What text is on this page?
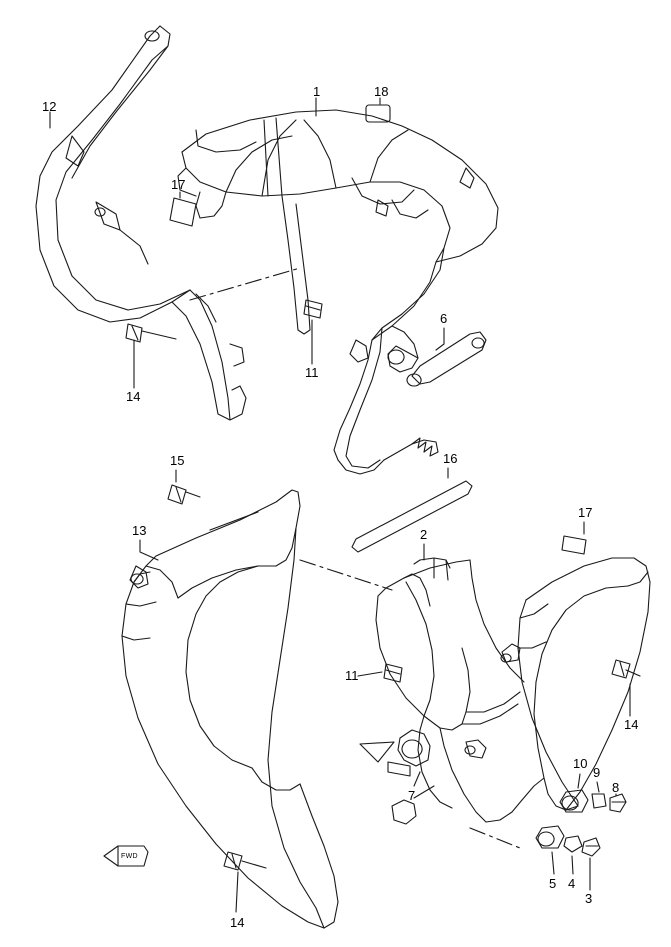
FWD
12
1	18
17
14
11
6
15	16
13	2
17
11
14
10
9
8
7
5 4
3
14
